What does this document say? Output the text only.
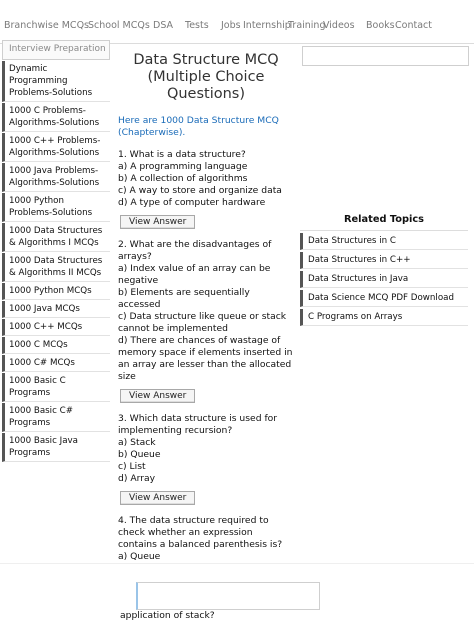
Branchwise MCQs School MCQs DSA Tests Jobs Internship
Training
Videos Books Contact
Interview Preparation
Dynamic Programming Problems-Solutions
1000 C Problems-Algorithms-Solutions
1000 C++ Problems-Algorithms-Solutions
1000 Java Problems-Algorithms-Solutions
1000 Python Problems-Solutions
1000 Data Structures & Algorithms I MCQs
1000 Data Structures & Algorithms II MCQs
1000 Python MCQs
1000 Java MCQs
1000 C++ MCQs
1000 C MCQs
1000 C# MCQs
1000 Basic C Programs
1000 Basic C# Programs
1000 Basic Java Programs
Data Structure MCQ (Multiple Choice Questions)

Here are 1000 Data Structure MCQ (Chapterwise).

1. What is a data structure?

a) A programming language

b) A collection of algorithms

c) A way to store and organize data

d) A type of computer hardware

View Answer

2. What are the disadvantages of arrays?

a) Index value of an array can be negative

b) Elements are sequentially accessed

c) Data structure like queue or stack cannot be implemented

d) There are chances of wastage of memory space if elements inserted in an array are lesser than the allocated size

View Answer

3. Which data structure is used for implementing recursion?

a) Stack

b) Queue

c) List

d) Array

View Answer

4. The data structure required to check whether an expression contains a balanced parenthesis is?

a) Queue

Related Topics
Data Structures in C
Data Structures in C++
Data Structures in Java
Data Science MCQ PDF Download
C Programs on Arrays
application of stack?
